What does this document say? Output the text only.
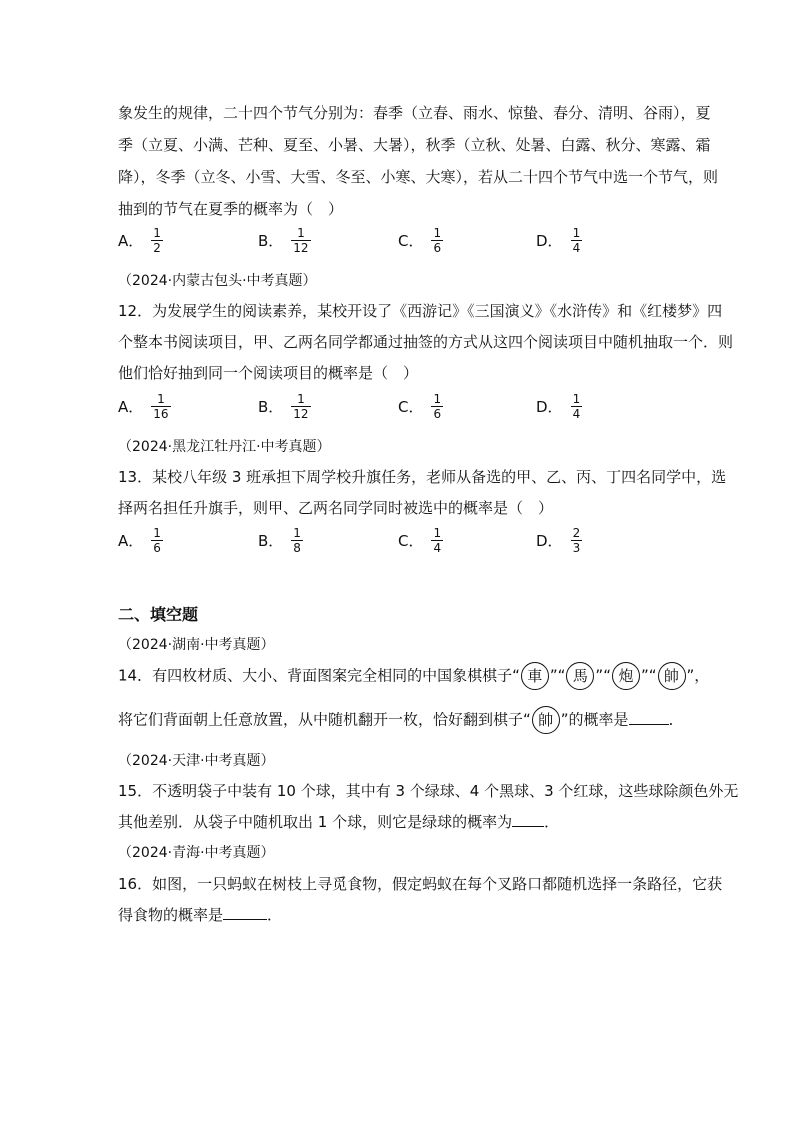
象发生的规律，二十四个节气分别为：春季（立春、雨水、惊蛰、春分、清明、谷雨），夏
季（立夏、小满、芒种、夏至、小暑、大暑），秋季（立秋、处暑、白露、秋分、寒露、霜
降），冬季（立冬、小雪、大雪、冬至、小寒、大寒），若从二十四个节气中选一个节气，则
抽到的节气在夏季的概率为（　）
A． $\frac{1}{2}$	B． $\frac{1}{12}$	C． $\frac{1}{6}$	D． $\frac{1}{4}$
（2024·内蒙古包头·中考真题）
12．为发展学生的阅读素养，某校开设了《西游记》《三国演义》《水浒传》和《红楼梦》四
个整本书阅读项目，甲、乙两名同学都通过抽签的方式从这四个阅读项目中随机抽取一个．则
他们恰好抽到同一个阅读项目的概率是（　）
A． $\frac{1}{16}$	B． $\frac{1}{12}$	C． $\frac{1}{6}$	D． $\frac{1}{4}$
（2024·黑龙江牡丹江·中考真题）
13．某校八年级 3 班承担下周学校升旗任务，老师从备选的甲、乙、丙、丁四名同学中，选
择两名担任升旗手，则甲、乙两名同学同时被选中的概率是（　）
A． $\frac{1}{6}$	B． $\frac{1}{8}$	C． $\frac{1}{4}$	D． $\frac{2}{3}$
二、填空题
（2024·湖南·中考真题）
14．有四枚材质、大小、背面图案完全相同的中国象棋棋子“ 車 ”“ 馬 ”“ 炮 ”“ 帥 ”，
将它们背面朝上任意放置，从中随机翻开一枚，恰好翻到棋子“ 帥 ”的概率是	．
（2024·天津·中考真题）
15．不透明袋子中装有 10 个球，其中有 3 个绿球、4 个黑球、3 个红球，这些球除颜色外无
其他差别．从袋子中随机取出 1 个球，则它是绿球的概率为 ．
（2024·青海·中考真题）
16．如图，一只蚂蚁在树枝上寻觅食物，假定蚂蚁在每个叉路口都随机选择一条路径，它获
得食物的概率是	．
